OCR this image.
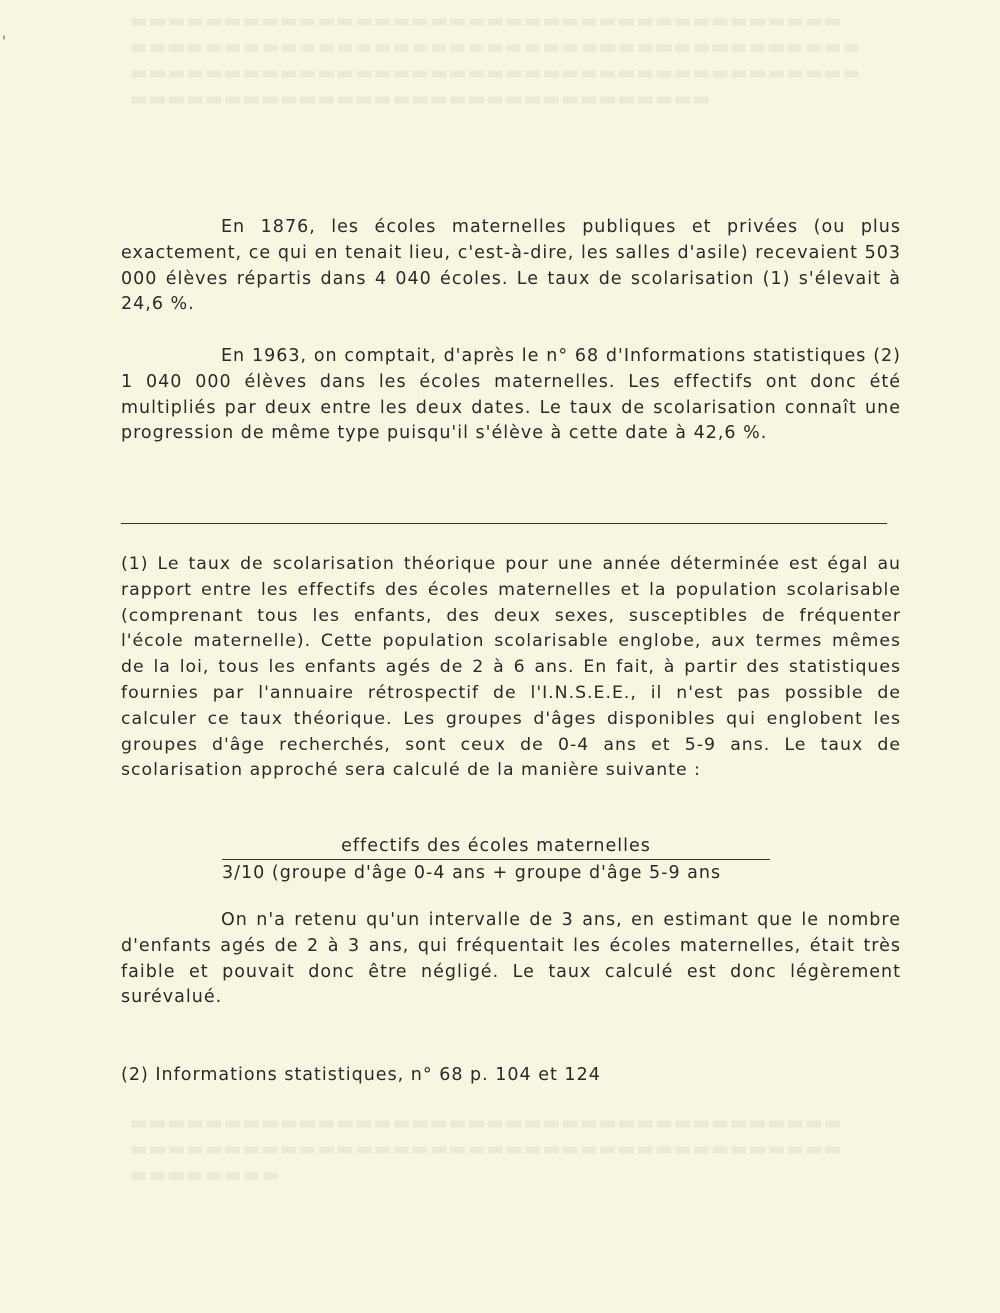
▬▬▬▬▬▬▬▬▬▬▬▬▬▬▬▬▬▬▬▬▬▬▬▬▬▬▬▬▬▬▬▬▬▬▬▬▬▬
▬▬▬▬▬▬▬▬▬▬▬▬▬▬▬▬▬▬▬▬▬▬▬▬▬▬▬▬▬▬▬▬▬▬▬▬▬▬▬
▬▬▬▬▬▬▬▬▬▬▬▬▬▬▬▬▬▬▬▬▬▬▬▬▬▬▬▬▬▬▬▬▬▬▬▬▬▬▬
▬▬▬▬▬▬▬▬▬▬▬▬▬▬▬▬▬▬▬▬▬▬▬▬▬▬▬▬▬▬▬
▬▬▬▬▬▬▬▬▬▬▬▬▬▬▬▬▬▬▬▬▬▬▬▬▬▬▬▬▬▬▬▬▬▬▬▬▬▬
▬▬▬▬▬▬▬▬▬▬▬▬▬▬▬▬▬▬▬▬▬▬▬▬▬▬▬▬▬▬▬▬▬▬▬▬▬▬
▬▬▬▬▬▬▬▬
'

En 1876, les écoles maternelles publiques et privées (ou plus exactement, ce qui en tenait lieu, c'est-à-dire, les salles d'asile) recevaient 503 000 élèves répartis dans 4 040 écoles. Le taux de scolarisation (1) s'élevait à 24,6 %.

En 1963, on comptait, d'après le n° 68 d'Informations statistiques (2) 1 040 000 élèves dans les écoles maternelles. Les effectifs ont donc été multipliés par deux entre les deux dates. Le taux de scolarisation connaît une progression de même type puisqu'il s'élève à cette date à 42,6 %.

(1) Le taux de scolarisation théorique pour une année déterminée est égal au rapport entre les effectifs des écoles maternelles et la population scolarisable (comprenant tous les enfants, des deux sexes, susceptibles de fréquenter l'école maternelle). Cette population scolarisable englobe, aux termes mêmes de la loi, tous les enfants agés de 2 à 6 ans. En fait, à partir des statistiques fournies par l'annuaire rétrospectif de l'I.N.S.E.E., il n'est pas possible de calculer ce taux théorique. Les groupes d'âges disponibles qui englobent les groupes d'âge recherchés, sont ceux de 0-4 ans et 5-9 ans. Le taux de scolarisation approché sera calculé de la manière suivante :

effectifs des écoles maternelles
3/10 (groupe d'âge 0-4 ans + groupe d'âge 5-9 ans

On n'a retenu qu'un intervalle de 3 ans, en estimant que le nombre d'enfants agés de 2 à 3 ans, qui fréquentait les écoles maternelles, était très faible et pouvait donc être négligé. Le taux calculé est donc légèrement surévalué.

(2) Informations statistiques, n° 68 p. 104 et 124
